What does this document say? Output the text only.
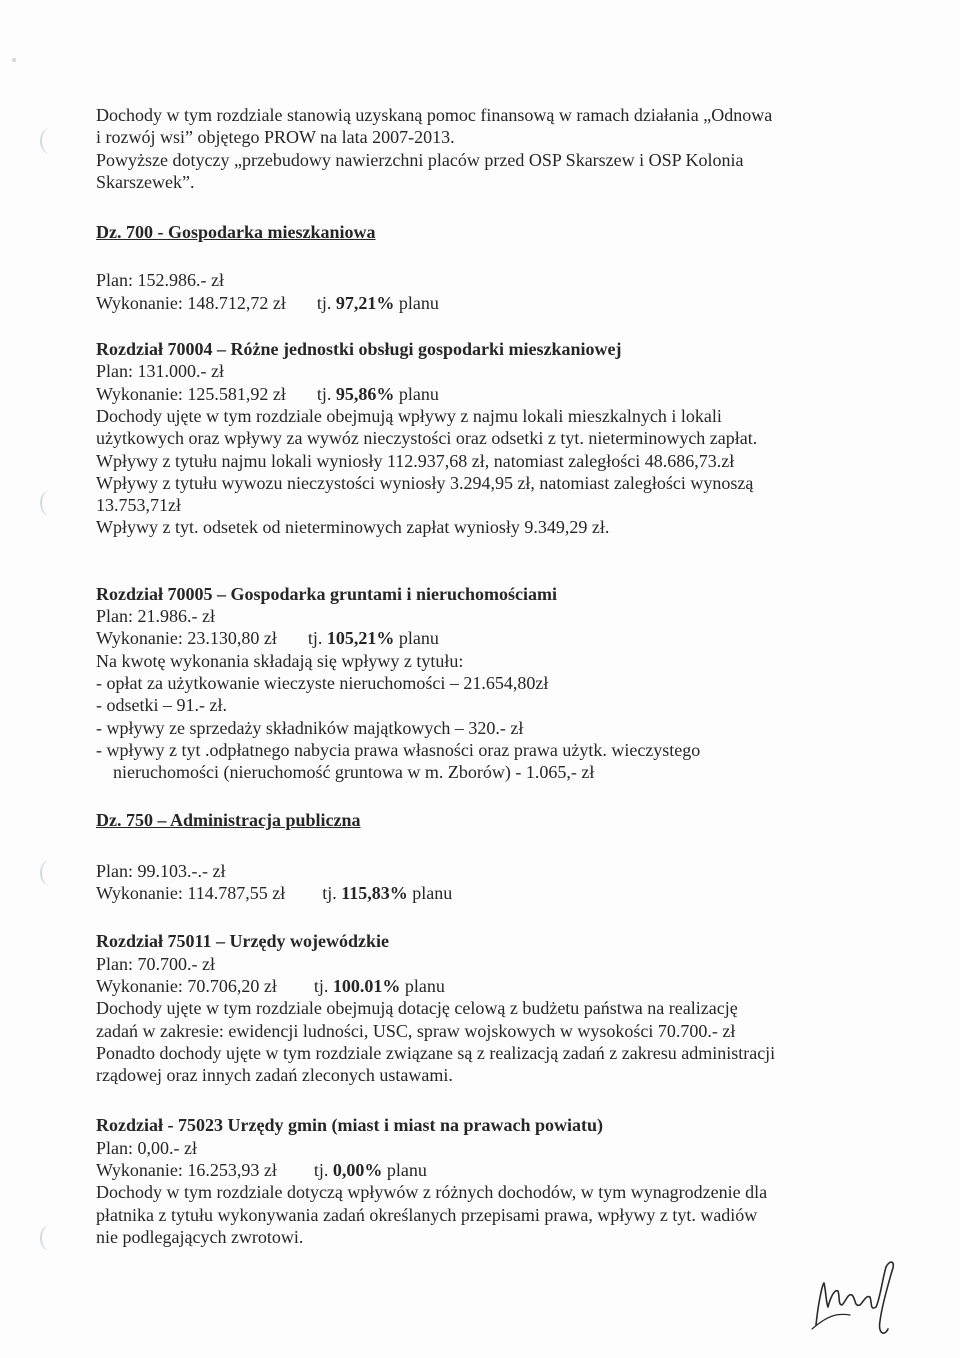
Dochody w tym rozdziale stanowią uzyskaną pomoc finansową w ramach działania „Odnowa
i rozwój wsi” objętego PROW na lata 2007-2013.
Powyższe dotyczy „przebudowy nawierzchni placów przed OSP Skarszew i OSP Kolonia
Skarszewek”.
Dz. 700 - Gospodarka mieszkaniowa
Plan: 152.986.- zł
Wykonanie: 148.712,72 zł tj. 97,21% planu
Rozdział 70004 – Różne jednostki obsługi gospodarki mieszkaniowej
Plan: 131.000.- zł
Wykonanie: 125.581,92 zł tj. 95,86% planu
Dochody ujęte w tym rozdziale obejmują wpływy z najmu lokali mieszkalnych i lokali
użytkowych oraz wpływy za wywóz nieczystości oraz odsetki z tyt. nieterminowych zapłat.
Wpływy z tytułu najmu lokali wyniosły 112.937,68 zł, natomiast zaległości 48.686,73.zł
Wpływy z tytułu wywozu nieczystości wyniosły 3.294,95 zł, natomiast zaległości wynoszą
13.753,71zł
Wpływy z tyt. odsetek od nieterminowych zapłat wyniosły 9.349,29 zł.
Rozdział 70005 – Gospodarka gruntami i nieruchomościami
Plan: 21.986.- zł
Wykonanie: 23.130,80 zł tj. 105,21% planu
Na kwotę wykonania składają się wpływy z tytułu:
- opłat za użytkowanie wieczyste nieruchomości – 21.654,80zł
- odsetki – 91.- zł.
- wpływy ze sprzedaży składników majątkowych – 320.- zł
- wpływy z tyt .odpłatnego nabycia prawa własności oraz prawa użytk. wieczystego
nieruchomości (nieruchomość gruntowa w m. Zborów) - 1.065,- zł
Dz. 750 – Administracja publiczna
Plan: 99.103.-.- zł
Wykonanie: 114.787,55 zł tj. 115,83% planu
Rozdział 75011 – Urzędy wojewódzkie
Plan: 70.700.- zł
Wykonanie: 70.706,20 zł tj. 100.01% planu
Dochody ujęte w tym rozdziale obejmują dotację celową z budżetu państwa na realizację
zadań w zakresie: ewidencji ludności, USC, spraw wojskowych w wysokości 70.700.- zł
Ponadto dochody ujęte w tym rozdziale związane są z realizacją zadań z zakresu administracji
rządowej oraz innych zadań zleconych ustawami.
Rozdział - 75023 Urzędy gmin (miast i miast na prawach powiatu)
Plan: 0,00.- zł
Wykonanie: 16.253,93 zł tj. 0,00% planu
Dochody w tym rozdziale dotyczą wpływów z różnych dochodów, w tym wynagrodzenie dla
płatnika z tytułu wykonywania zadań określanych przepisami prawa, wpływy z tyt. wadiów
nie podlegających zwrotowi.
